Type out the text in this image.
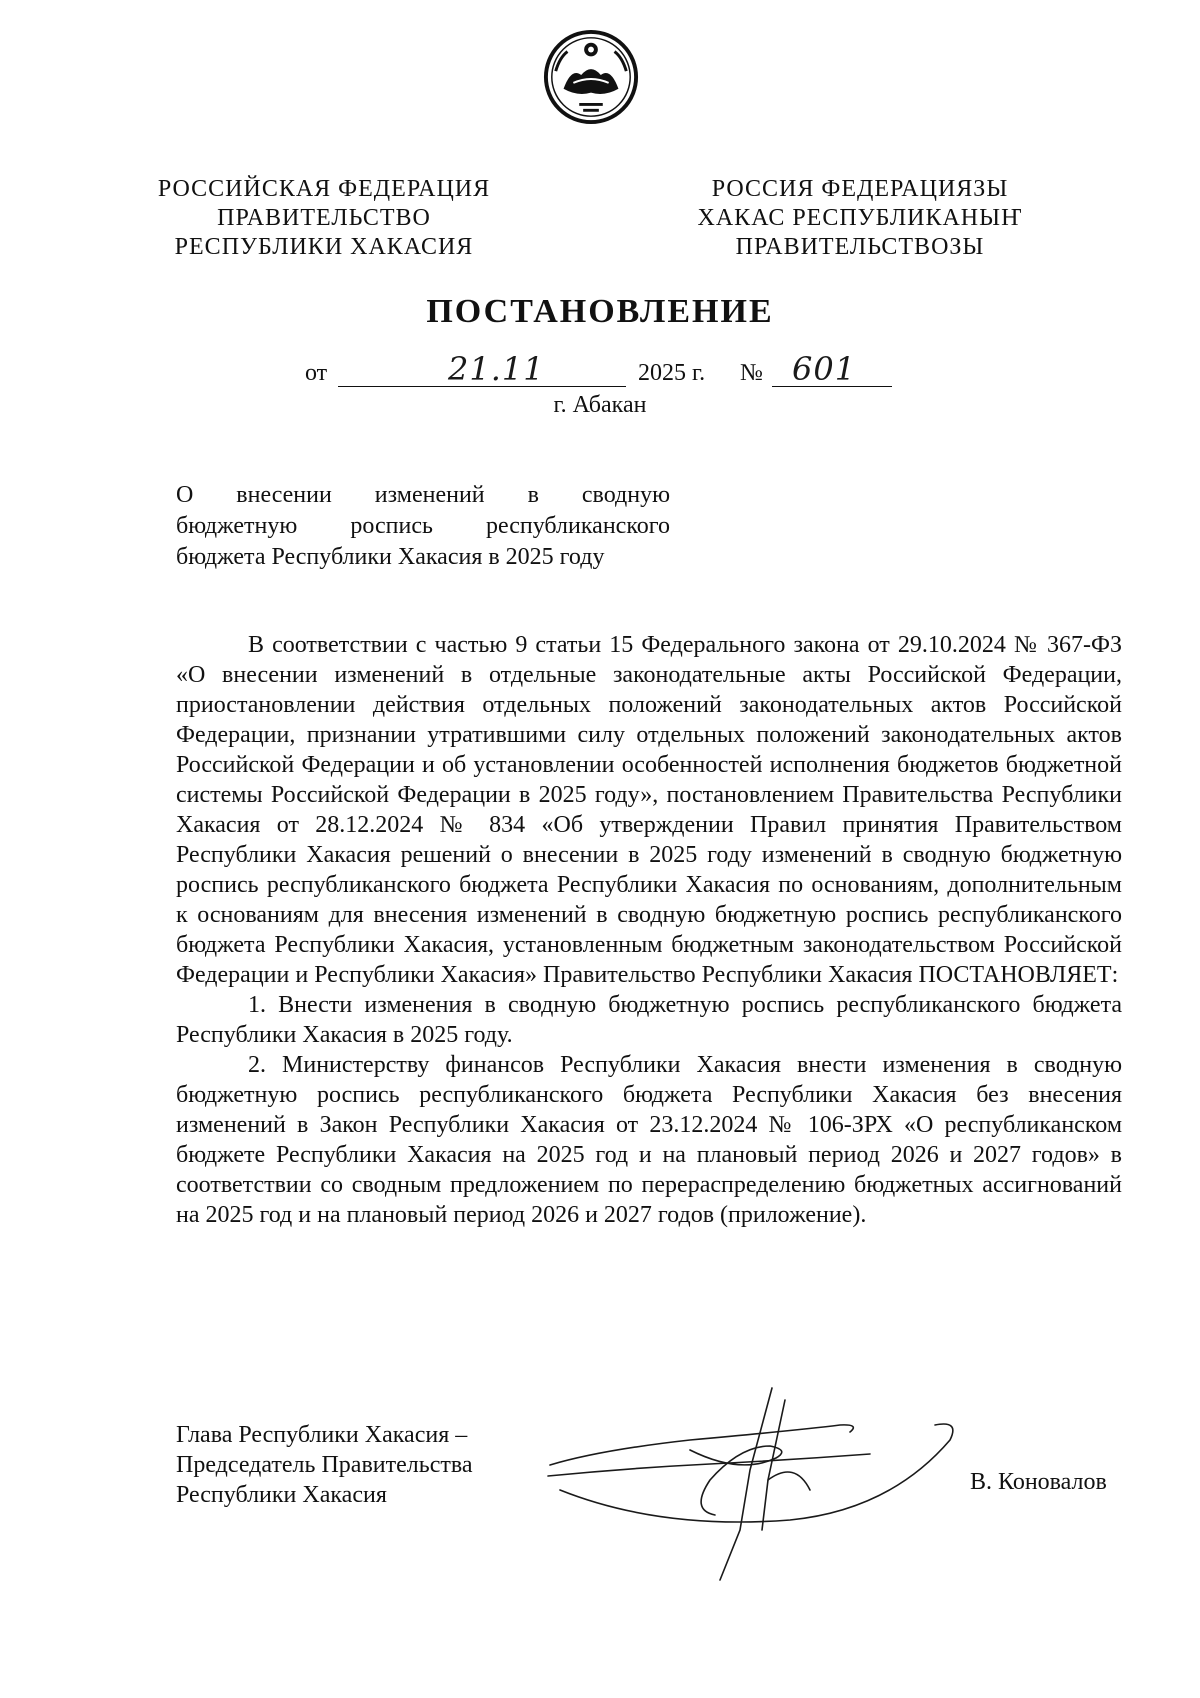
РОССИЙСКАЯ ФЕДЕРАЦИЯ
ПРАВИТЕЛЬСТВО
РЕСПУБЛИКИ ХАКАСИЯ
РОССИЯ ФЕДЕРАЦИЯЗЫ
ХАКАС РЕСПУБЛИКАНЫҤ
ПРАВИТЕЛЬСТВОЗЫ
ПОСТАНОВЛЕНИЕ
от	21.11	2025 г. № 601
г. Абакан
О внесении изменений в сводную
бюджетную роспись республиканского
бюджета Республики Хакасия в 2025 году

В соответствии с частью 9 статьи 15 Федерального закона от 29.10.2024 № 367-ФЗ «О внесении изменений в отдельные законодательные акты Российской Федерации, приостановлении действия отдельных положений законодательных актов Российской Федерации, признании утратившими силу отдельных положений законодательных актов Российской Федерации и об установлении особенностей исполнения бюджетов бюджетной системы Российской Федерации в 2025 году», постановлением Правительства Республики Хакасия от 28.12.2024 № 834 «Об утверждении Правил принятия Правительством Республики Хакасия решений о внесении в 2025 году изменений в сводную бюджетную роспись республиканского бюджета Республики Хакасия по основаниям, дополнительным к основаниям для внесения изменений в сводную бюджетную роспись республиканского бюджета Республики Хакасия, установленным бюджетным законодательством Российской Федерации и Республики Хакасия» Правительство Республики Хакасия ПОСТАНОВЛЯЕТ:

1. Внести изменения в сводную бюджетную роспись республиканского бюджета Республики Хакасия в 2025 году.

2. Министерству финансов Республики Хакасия внести изменения в сводную бюджетную роспись республиканского бюджета Республики Хакасия без внесения изменений в Закон Республики Хакасия от 23.12.2024 № 106-ЗРХ «О республиканском бюджете Республики Хакасия на 2025 год и на плановый период 2026 и 2027 годов» в соответствии со сводным предложением по перераспределению бюджетных ассигнований на 2025 год и на плановый период 2026 и 2027 годов (приложение).

Глава Республики Хакасия –
Председатель Правительства
Республики Хакасия	В. Коновалов
